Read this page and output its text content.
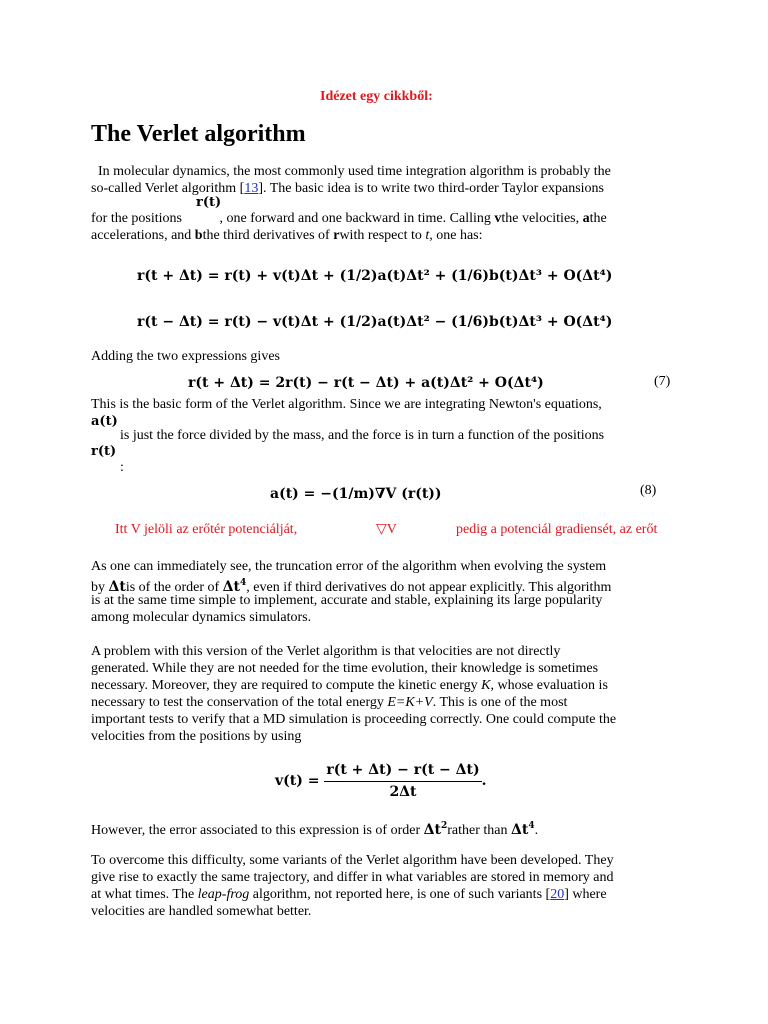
Idézet egy cikkből:
The Verlet algorithm
In molecular dynamics, the most commonly used time integration algorithm is probably the
so-called Verlet algorithm [13]. The basic idea is to write two third-order Taylor expansions
r(t)
for the positions	, one forward and one backward in time. Calling vthe velocities, athe
accelerations, and bthe third derivatives of rwith respect to t, one has:
r(t + Δt) = r(t) + v(t)Δt + (1/2)a(t)Δt² + (1/6)b(t)Δt³ + O(Δt⁴)
r(t − Δt) = r(t) − v(t)Δt + (1/2)a(t)Δt² − (1/6)b(t)Δt³ + O(Δt⁴)
Adding the two expressions gives
r(t + Δt) = 2r(t) − r(t − Δt) + a(t)Δt² + O(Δt⁴)	(7)
This is the basic form of the Verlet algorithm. Since we are integrating Newton's equations,
a(t)
is just the force divided by the mass, and the force is in turn a function of the positions
r(t)
:
a(t) = −(1/m)∇V (r(t))	(8)
Itt V jelöli az erőtér potenciálját,	▽V	pedig a potenciál gradiensét, az erőt
As one can immediately see, the truncation error of the algorithm when evolving the system
by Δtis of the order of $\Delta t^4$, even if third derivatives do not appear explicitly. This algorithm
is at the same time simple to implement, accurate and stable, explaining its large popularity
among molecular dynamics simulators.
A problem with this version of the Verlet algorithm is that velocities are not directly
generated. While they are not needed for the time evolution, their knowledge is sometimes
necessary. Moreover, they are required to compute the kinetic energy K, whose evaluation is
necessary to test the conservation of the total energy E=K+V. This is one of the most
important tests to verify that a MD simulation is proceeding correctly. One could compute the
velocities from the positions by using
$v(t) = \frac{r(t + \Delta t) - r(t - \Delta t)}{2\Delta t}$ .
However, the error associated to this expression is of order $\Delta t^2rather$ than $\Delta t^4$.
To overcome this difficulty, some variants of the Verlet algorithm have been developed. They
give rise to exactly the same trajectory, and differ in what variables are stored in memory and
at what times. The leap-frog algorithm, not reported here, is one of such variants [20] where
velocities are handled somewhat better.
